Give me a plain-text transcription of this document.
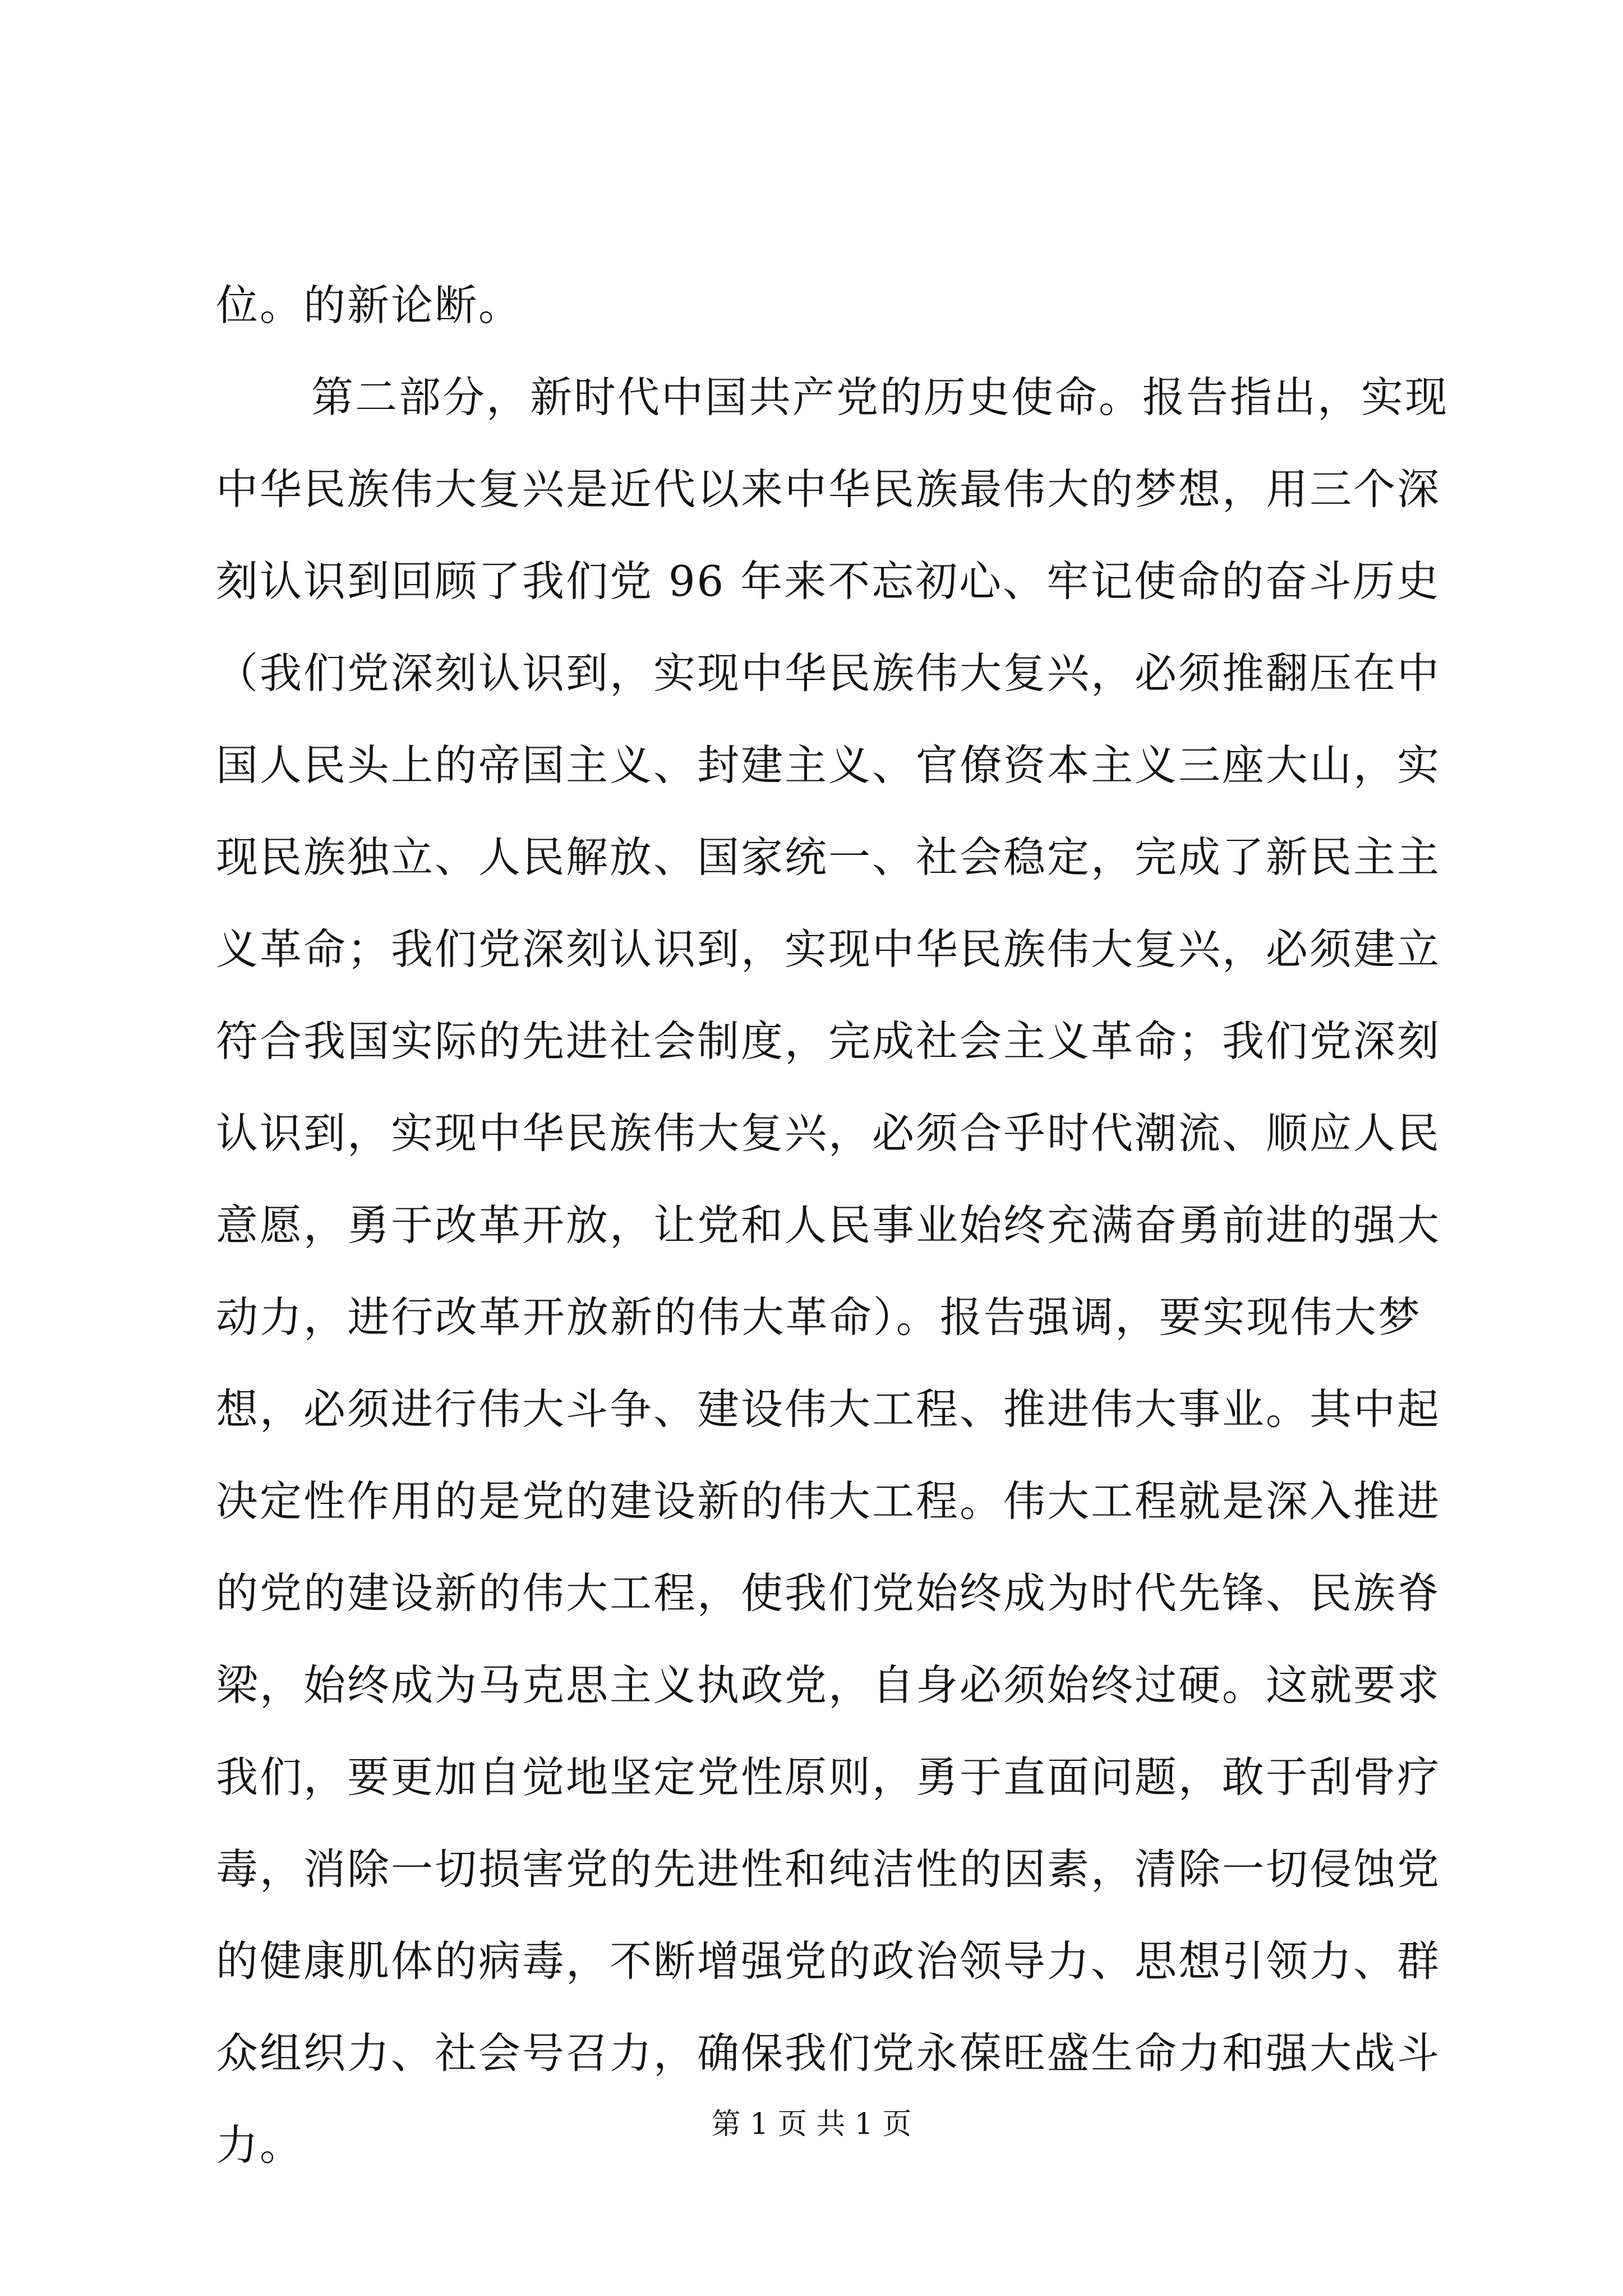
位。的新论断。
第二部分，新时代中国共产党的历史使命。报告指出，实现
中华民族伟大复兴是近代以来中华民族最伟大的梦想，用三个深
刻认识到回顾了我们党 96 年来不忘初心、牢记使命的奋斗历史
（我们党深刻认识到，实现中华民族伟大复兴，必须推翻压在中
国人民头上的帝国主义、封建主义、官僚资本主义三座大山，实
现民族独立、人民解放、国家统一、社会稳定，完成了新民主主
义革命；我们党深刻认识到，实现中华民族伟大复兴，必须建立
符合我国实际的先进社会制度，完成社会主义革命；我们党深刻
认识到，实现中华民族伟大复兴，必须合乎时代潮流、顺应人民
意愿，勇于改革开放，让党和人民事业始终充满奋勇前进的强大
动力，进行改革开放新的伟大革命）。报告强调，要实现伟大梦
想，必须进行伟大斗争、建设伟大工程、推进伟大事业。其中起
决定性作用的是党的建设新的伟大工程。伟大工程就是深入推进
的党的建设新的伟大工程，使我们党始终成为时代先锋、民族脊
梁，始终成为马克思主义执政党，自身必须始终过硬。这就要求
我们，要更加自觉地坚定党性原则，勇于直面问题，敢于刮骨疗
毒，消除一切损害党的先进性和纯洁性的因素，清除一切侵蚀党
的健康肌体的病毒，不断增强党的政治领导力、思想引领力、群
众组织力、社会号召力，确保我们党永葆旺盛生命力和强大战斗
力。	第 1 页 共 1 页
